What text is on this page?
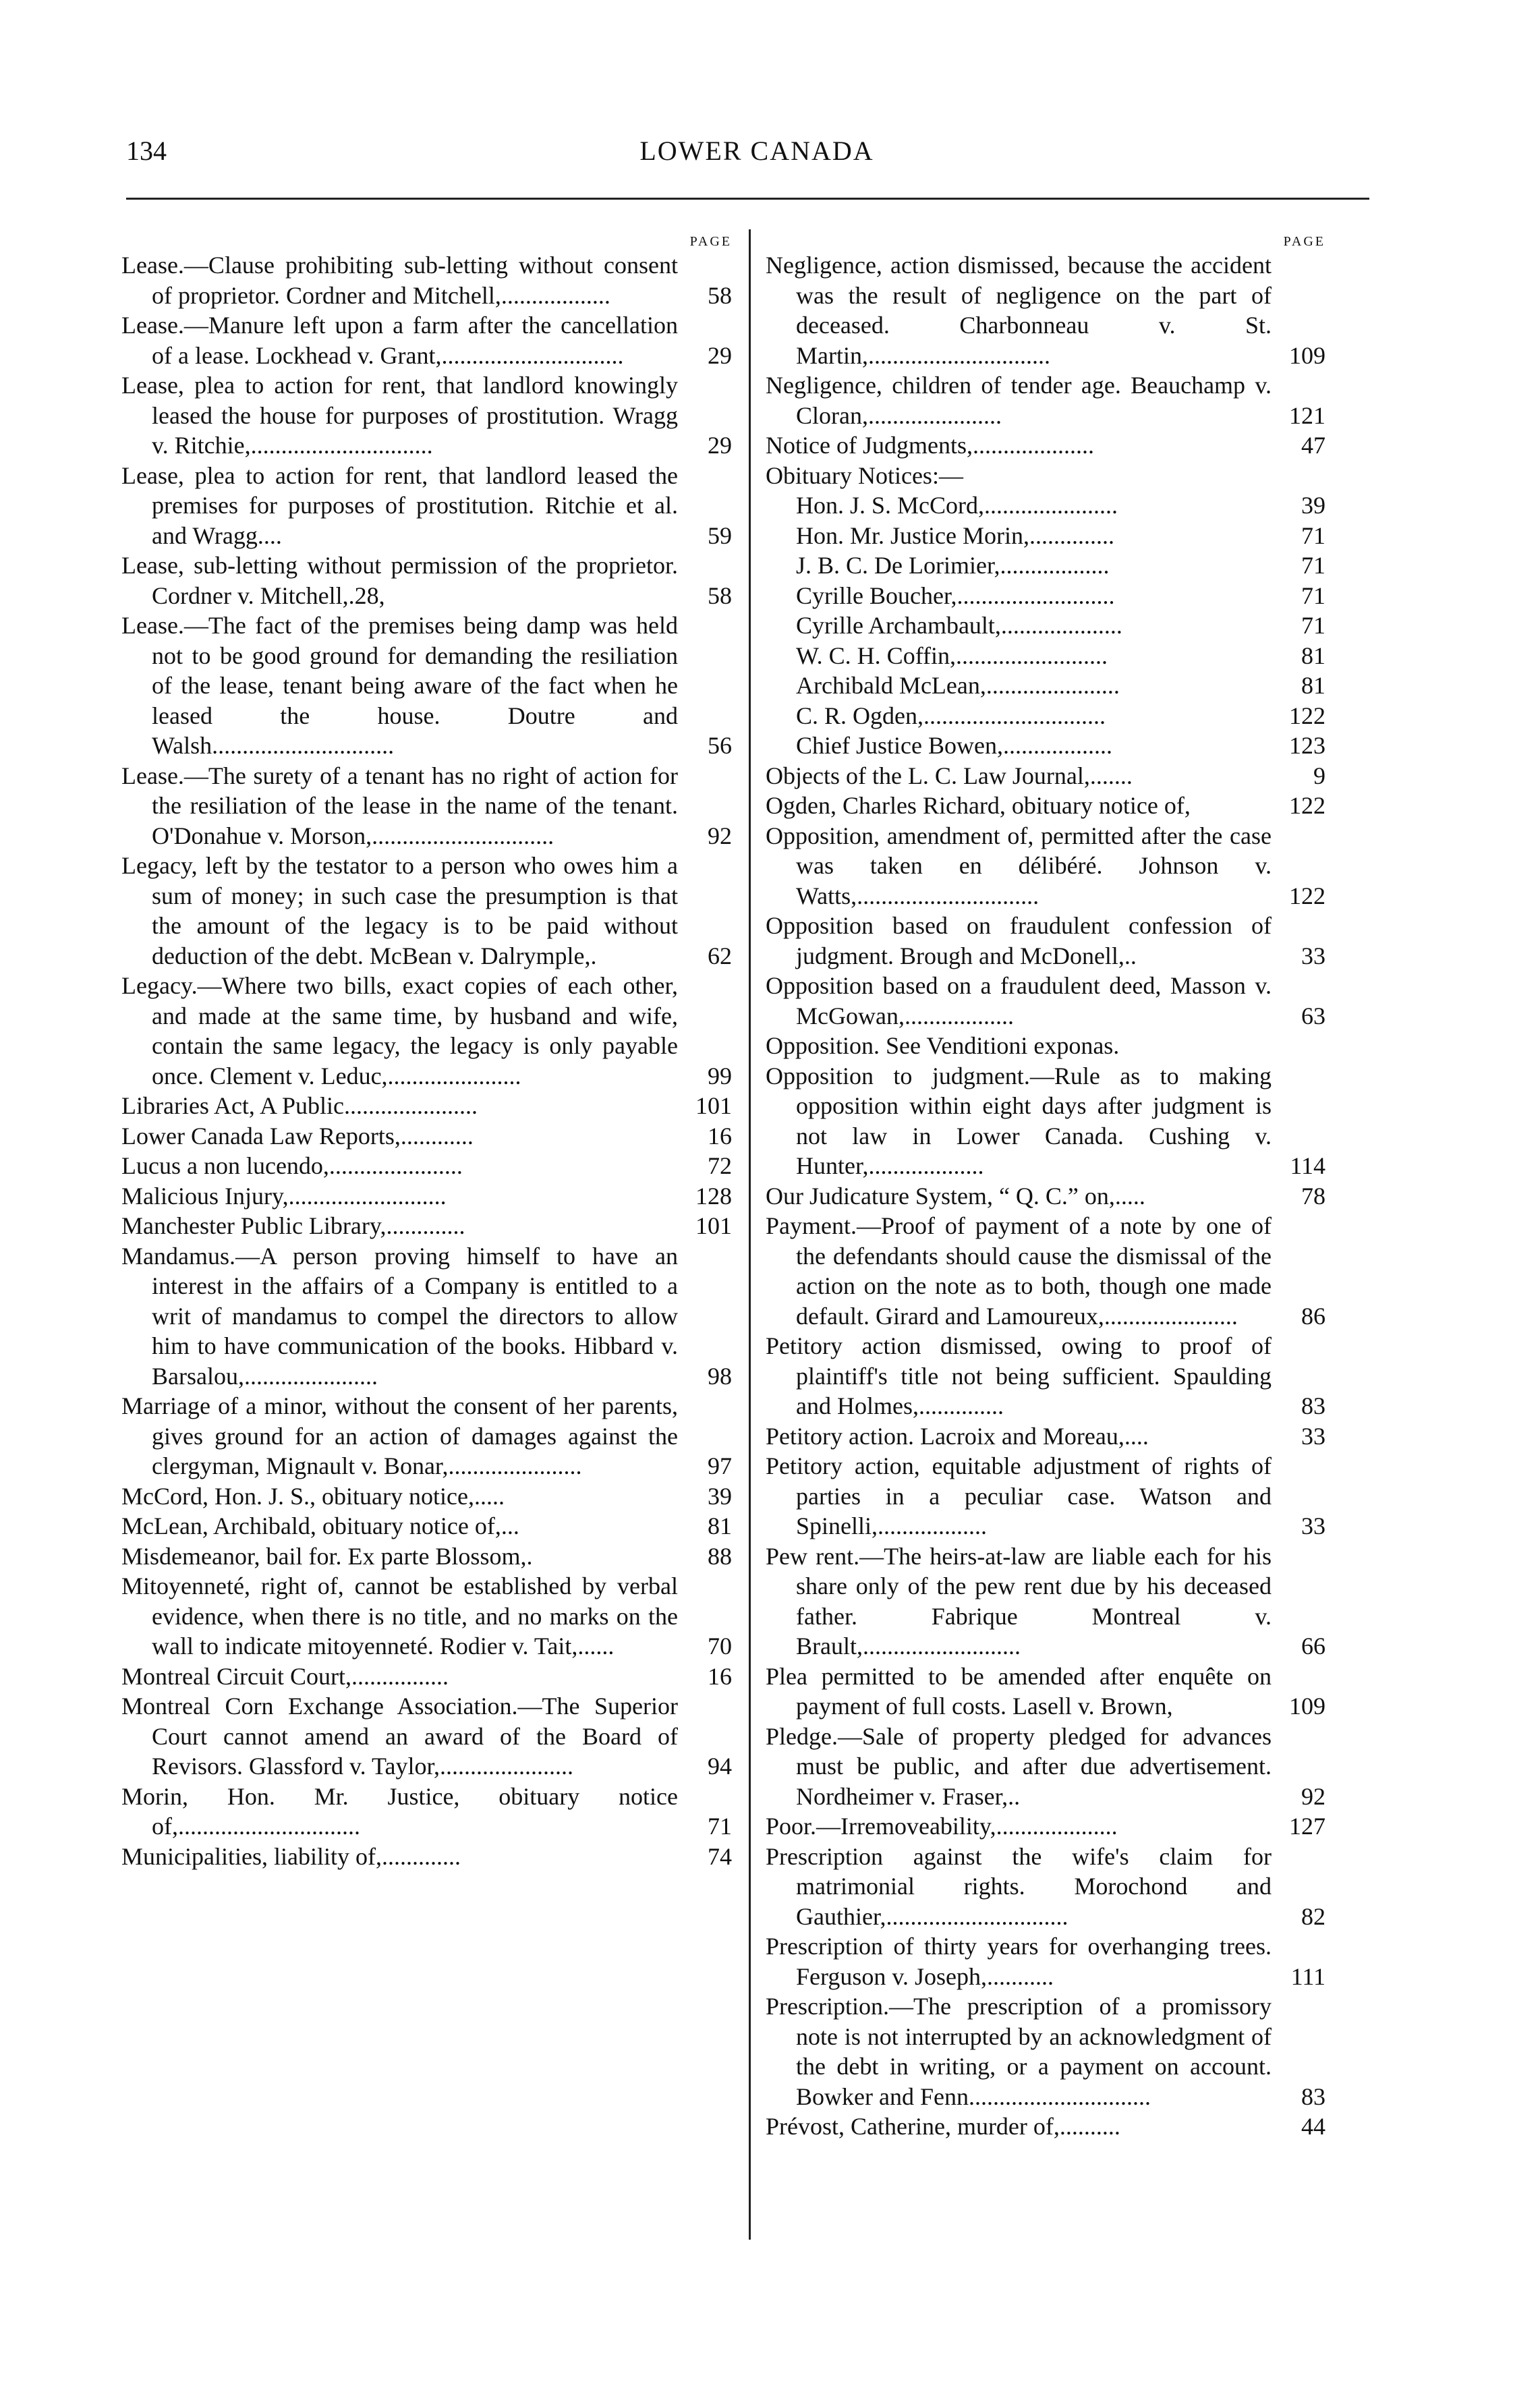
134	LOWER CANADA
PAGE
Lease.—Clause prohibiting sub-letting without consent of proprietor. Cordner and Mitchell,..................	58
Lease.—Manure left upon a farm after the cancellation of a lease. Lockhead v. Grant,..............................	29
Lease, plea to action for rent, that landlord knowingly leased the house for purposes of prostitution. Wragg v. Ritchie,..............................	29
Lease, plea to action for rent, that landlord leased the premises for purposes of prostitution. Ritchie et al. and Wragg....	59
Lease, sub-letting without permission of the proprietor. Cordner v. Mitchell,.28,	58
Lease.—The fact of the premises being damp was held not to be good ground for demanding the resiliation of the lease, tenant being aware of the fact when he leased the house. Doutre and Walsh..............................	56
Lease.—The surety of a tenant has no right of action for the resiliation of the lease in the name of the tenant. O'Donahue v. Morson,..............................	92
Legacy, left by the testator to a person who owes him a sum of money; in such case the presumption is that the amount of the legacy is to be paid without deduction of the debt. McBean v. Dalrymple,.	62
Legacy.—Where two bills, exact copies of each other, and made at the same time, by husband and wife, contain the same legacy, the legacy is only payable once. Clement v. Leduc,......................	99
Libraries Act, A Public......................	101
Lower Canada Law Reports,............	16
Lucus a non lucendo,......................	72
Malicious Injury,..........................	128
Manchester Public Library,.............	101
Mandamus.—A person proving himself to have an interest in the affairs of a Company is entitled to a writ of mandamus to compel the directors to allow him to have communication of the books. Hibbard v. Barsalou,......................	98
Marriage of a minor, without the consent of her parents, gives ground for an action of damages against the clergyman, Mignault v. Bonar,......................	97
McCord, Hon. J. S., obituary notice,.....	39
McLean, Archibald, obituary notice of,...	81
Misdemeanor, bail for. Ex parte Blossom,.	88
Mitoyenneté, right of, cannot be established by verbal evidence, when there is no title, and no marks on the wall to indicate mitoyenneté. Rodier v. Tait,......	70
Montreal Circuit Court,................	16
Montreal Corn Exchange Association.—The Superior Court cannot amend an award of the Board of Revisors. Glassford v. Taylor,......................	94
Morin, Hon. Mr. Justice, obituary notice of,..............................	71
Municipalities, liability of,.............	74
PAGE
Negligence, action dismissed, because the accident was the result of negligence on the part of deceased. Charbonneau v. St. Martin,..............................	109
Negligence, children of tender age. Beauchamp v. Cloran,......................	121
Notice of Judgments,....................	47
Obituary Notices:—
Hon. J. S. McCord,......................	39
Hon. Mr. Justice Morin,..............	71
J. B. C. De Lorimier,..................	71
Cyrille Boucher,..........................	71
Cyrille Archambault,....................	71
W. C. H. Coffin,.........................	81
Archibald McLean,......................	81
C. R. Ogden,..............................	122
Chief Justice Bowen,..................	123
Objects of the L. C. Law Journal,.......	9
Ogden, Charles Richard, obituary notice of,	122
Opposition, amendment of, permitted after the case was taken en délibéré. Johnson v. Watts,..............................	122
Opposition based on fraudulent confession of judgment. Brough and McDonell,..	33
Opposition based on a fraudulent deed, Masson v. McGowan,..................	63
Opposition. See Venditioni exponas.
Opposition to judgment.—Rule as to making opposition within eight days after judgment is not law in Lower Canada. Cushing v. Hunter,...................	114
Our Judicature System, “ Q. C.” on,.....	78
Payment.—Proof of payment of a note by one of the defendants should cause the dismissal of the action on the note as to both, though one made default. Girard and Lamoureux,......................	86
Petitory action dismissed, owing to proof of plaintiff's title not being sufficient. Spaulding and Holmes,..............	83
Petitory action. Lacroix and Moreau,....	33
Petitory action, equitable adjustment of rights of parties in a peculiar case. Watson and Spinelli,..................	33
Pew rent.—The heirs-at-law are liable each for his share only of the pew rent due by his deceased father. Fabrique Montreal v. Brault,..........................	66
Plea permitted to be amended after enquête on payment of full costs. Lasell v. Brown,	109
Pledge.—Sale of property pledged for advances must be public, and after due advertisement. Nordheimer v. Fraser,..	92
Poor.—Irremoveability,....................	127
Prescription against the wife's claim for matrimonial rights. Morochond and Gauthier,..............................	82
Prescription of thirty years for overhanging trees. Ferguson v. Joseph,...........	111
Prescription.—The prescription of a promissory note is not interrupted by an acknowledgment of the debt in writing, or a payment on account. Bowker and Fenn..............................	83
Prévost, Catherine, murder of,..........	44
